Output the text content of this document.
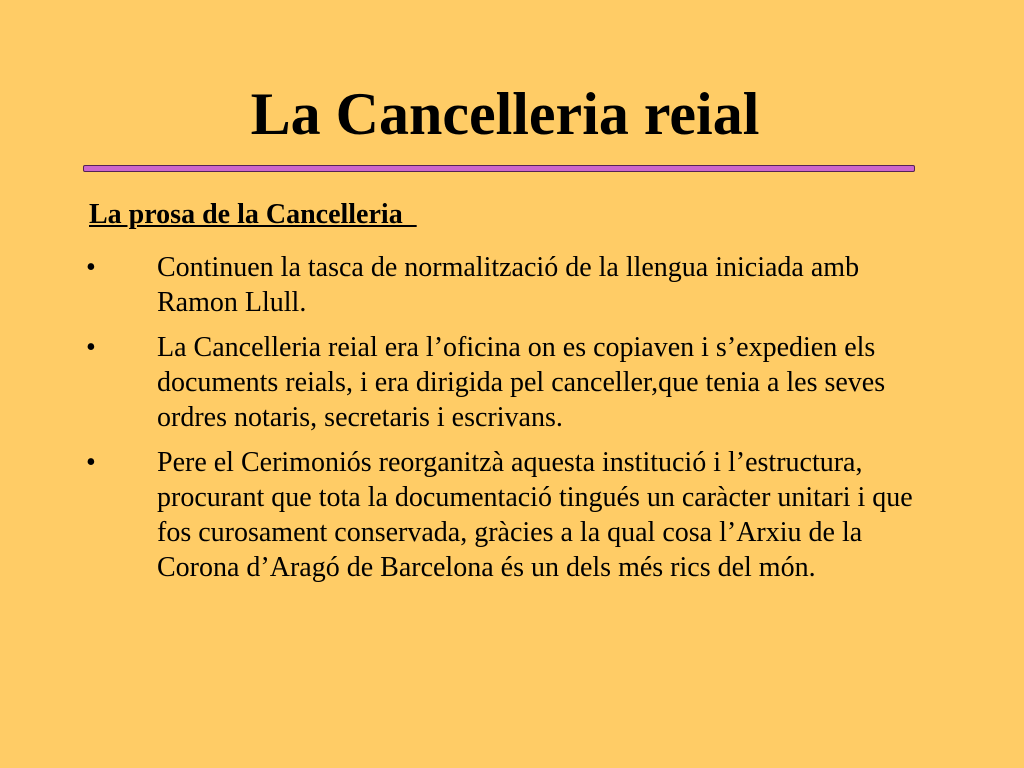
La Cancelleria reial

La prosa de la Cancelleria

• Continuen la tasca de normalització de la llengua iniciada amb Ramon Llull.
• La Cancelleria reial era l’oficina on es copiaven i s’expedien els documents reials, i era dirigida pel canceller,que tenia a les seves ordres notaris, secretaris i escrivans.
• Pere el Cerimoniós reorganitzà aquesta institució i l’estructura, procurant que tota la documentació tingués un caràcter unitari i que fos curosament conservada, gràcies a la qual cosa l’Arxiu de la Corona d’Aragó de Barcelona és un dels més rics del món.
